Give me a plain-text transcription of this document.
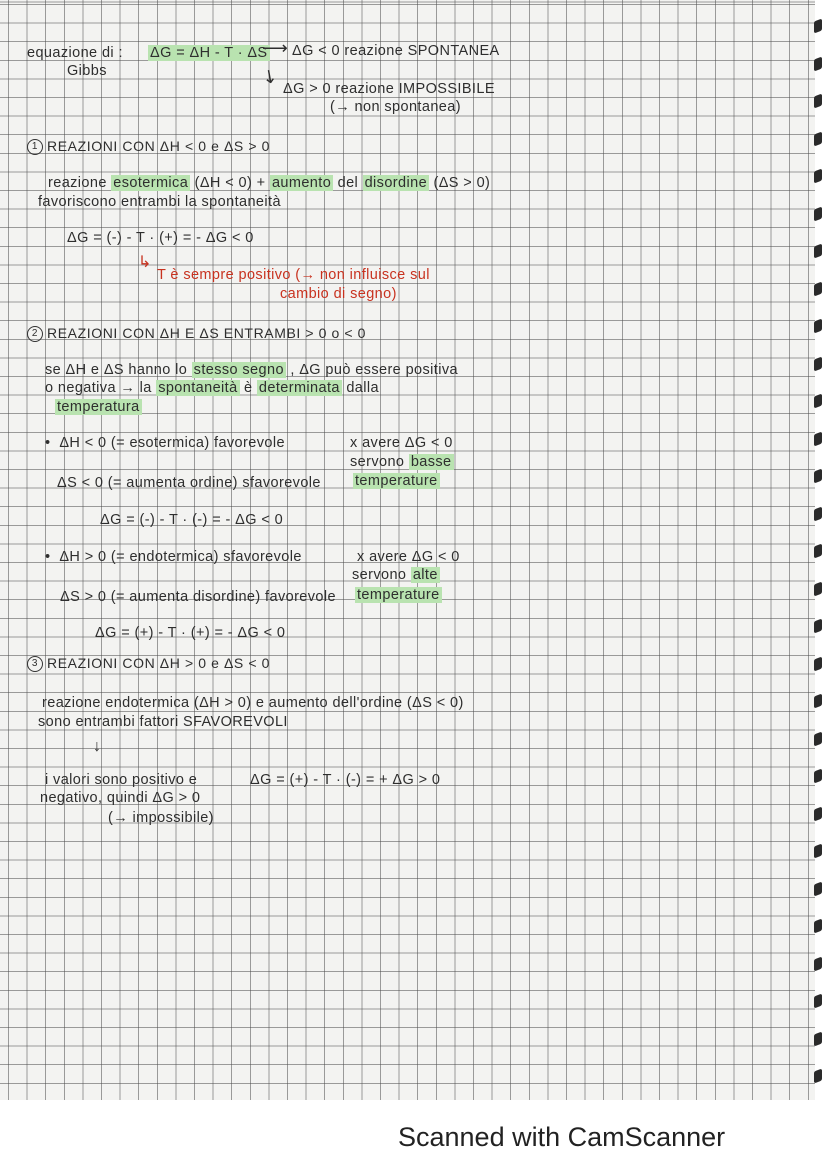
equazione di :
Gibbs
ΔG = ΔH - T · ΔS
⟶ ΔG < 0 reazione SPONTANEA
↘
ΔG > 0 reazione IMPOSSIBILE
(→ non spontanea)
1 REAZIONI CON ΔH < 0 e ΔS > 0
reazione esotermica (ΔH < 0) + aumento del disordine (ΔS > 0)
favoriscono entrambi la spontaneità
ΔG = (-) - T · (+) = - ΔG < 0
↳
T è sempre positivo (→ non influisce sul
cambio di segno)
2 REAZIONI CON ΔH E ΔS ENTRAMBI > 0 o < 0
se ΔH e ΔS hanno lo stesso segno , ΔG può essere positiva
o negativa → la spontaneità è determinata dalla
temperatura
•  ΔH < 0 (= esotermica) favorevole
ΔS < 0 (= aumenta ordine) sfavorevole
ΔG = (-) - T · (-) = - ΔG < 0
x avere ΔG < 0
servono basse
temperature
•  ΔH > 0 (= endotermica) sfavorevole
ΔS > 0 (= aumenta disordine) favorevole
ΔG = (+) - T · (+) = - ΔG < 0
x avere ΔG < 0
servono alte
temperature
3 REAZIONI CON ΔH > 0 e ΔS < 0
reazione endotermica (ΔH > 0) e aumento dell'ordine (ΔS < 0)
sono entrambi fattori SFAVOREVOLI
↓
i valori sono positivo e
negativo, quindi ΔG > 0
(→ impossibile)
ΔG = (+) - T · (-) = + ΔG > 0
Scanned with CamScanner
